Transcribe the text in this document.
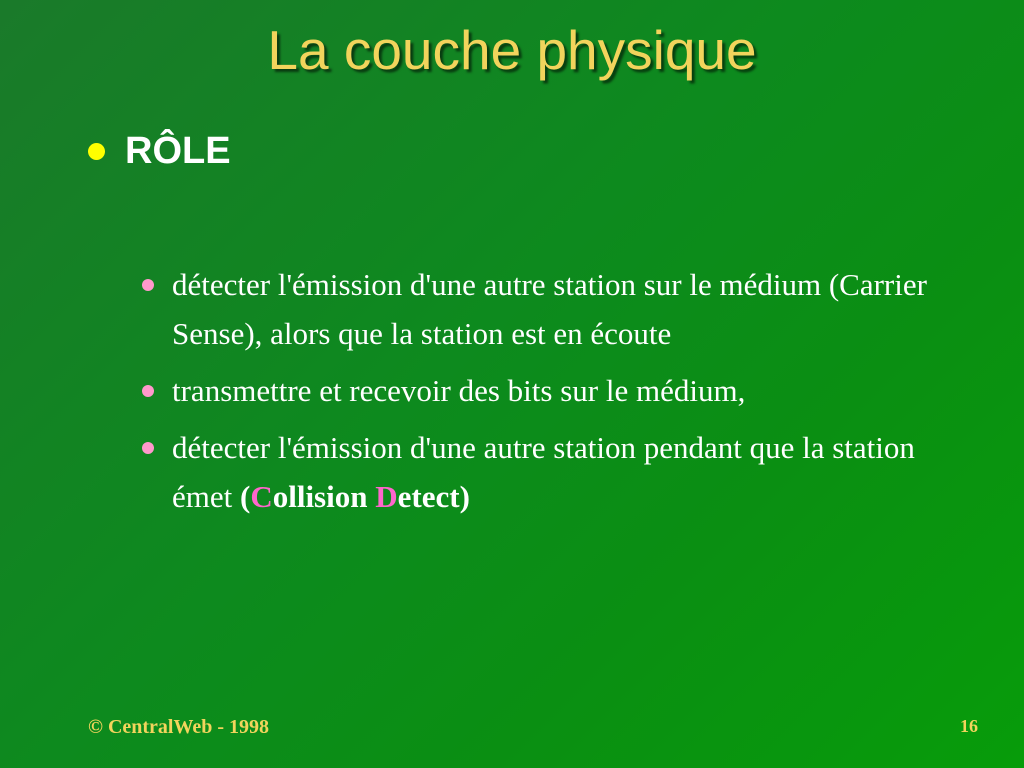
La couche physique
RÔLE
détecter l'émission d'une autre station sur le médium (Carrier Sense), alors que la station est en écoute
transmettre et recevoir des bits sur le médium,
détecter l'émission d'une autre station pendant que la station émet (Collision Detect)
© CentralWeb - 1998	16
